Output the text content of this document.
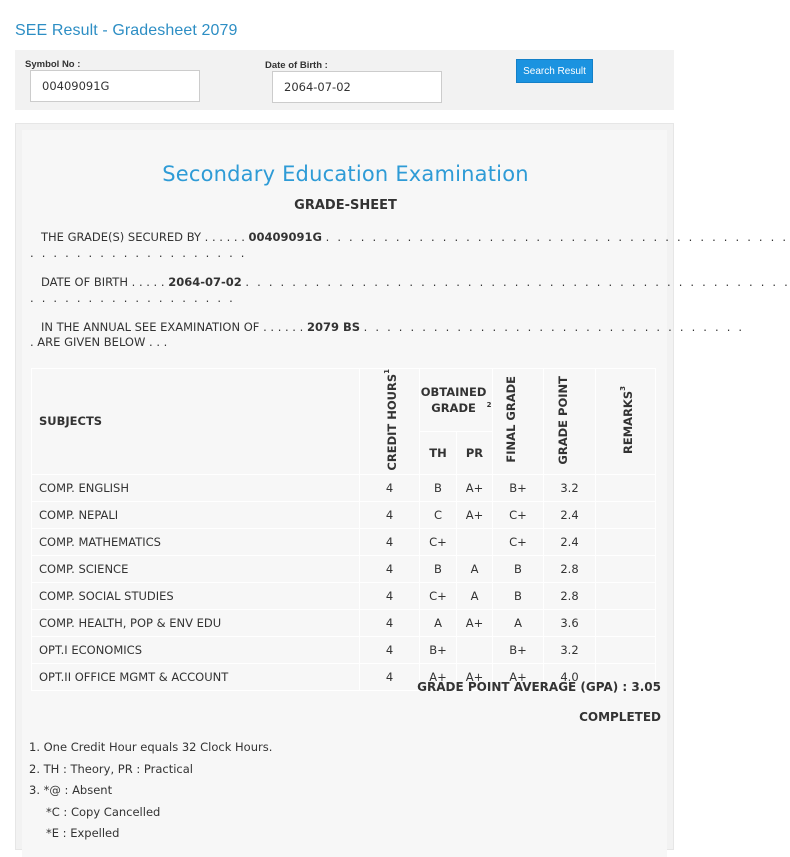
SEE Result - Gradesheet 2079
Symbol No :
00409091G
Date of Birth :
2064-07-02
Search Result
Secondary Education Examination
GRADE-SHEET
THE GRADE(S) SECURED BY . . . . . . 00409091G . . . . . . . . . . . . . . . . . . . . . . . . . . . . . . . . . . . . . . . .
. . . . . . . . . . . . . . . . . . .
DATE OF BIRTH . . . . . 2064-07-02 . . . . . . . . . . . . . . . . . . . . . . . . . . . . . . . . . . . . . . . . . . . . . . .
. . . . . . . . . . . . . . . . . .
IN THE ANNUAL SEE EXAMINATION OF . . . . . . 2079 BS . . . . . . . . . . . . . . . . . . . . . . . . . . . . . . . . .
. ARE GIVEN BELOW . . .
SUBJECTS	CREDIT HOURS$^1$	OBTAINED GRADE $^2$		FINAL GRADE	GRADE POINT	REMARKS$^3$
		TH	PR			
COMP. ENGLISH	4	B	A+	B+	3.2	
COMP. NEPALI	4	C	A+	C+	2.4	
COMP. MATHEMATICS	4	C+		C+	2.4	
COMP. SCIENCE	4	B	A	B	2.8	
COMP. SOCIAL STUDIES	4	C+	A	B	2.8	
COMP. HEALTH, POP & ENV EDU	4	A	A+	A	3.6	
OPT.I ECONOMICS	4	B+		B+	3.2	
OPT.II OFFICE MGMT & ACCOUNT	4	A+	A+	A+	4.0	
GRADE POINT AVERAGE (GPA) : 3.05
COMPLETED
1. One Credit Hour equals 32 Clock Hours.
2. TH : Theory, PR : Practical
3. *@ : Absent
*C : Copy Cancelled
*E : Expelled
